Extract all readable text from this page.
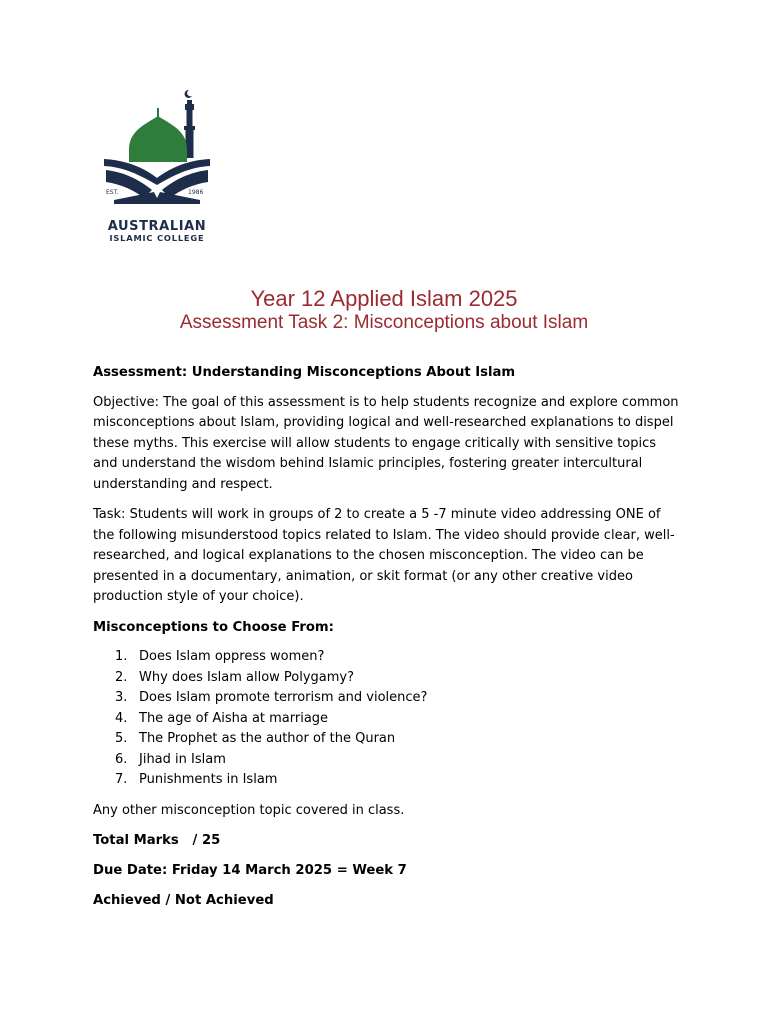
EST.	1986
AUSTRALIAN
ISLAMIC COLLEGE
Year 12 Applied Islam 2025
Assessment Task 2: Misconceptions about Islam
Assessment: Understanding Misconceptions About Islam

Objective: The goal of this assessment is to help students recognize and explore common misconceptions about Islam, providing logical and well-researched explanations to dispel these myths. This exercise will allow students to engage critically with sensitive topics and understand the wisdom behind Islamic principles, fostering greater intercultural understanding and respect.

Task: Students will work in groups of 2 to create a 5 -7 minute video addressing ONE of the following misunderstood topics related to Islam. The video should provide clear, well-researched, and logical explanations to the chosen misconception. The video can be presented in a documentary, animation, or skit format (or any other creative video production style of your choice).

Misconceptions to Choose From:
1. Does Islam oppress women?
2. Why does Islam allow Polygamy?
3. Does Islam promote terrorism and violence?
4. The age of Aisha at marriage
5. The Prophet as the author of the Quran
6. Jihad in Islam
7. Punishments in Islam

Any other misconception topic covered in class.

Total Marks   / 25
Due Date: Friday 14 March 2025 = Week 7
Achieved / Not Achieved
